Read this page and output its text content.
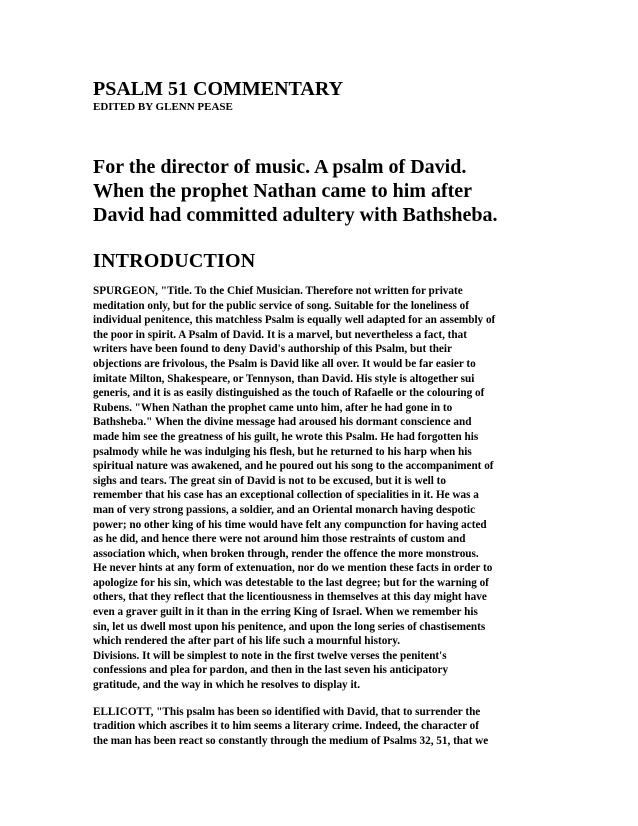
PSALM 51 COMMENTARY
EDITED BY GLENN PEASE
For the director of music. A psalm of David.
When the prophet Nathan came to him after
David had committed adultery with Bathsheba.
INTRODUCTION
SPURGEON, "Title. To the Chief Musician. Therefore not written for private
meditation only, but for the public service of song. Suitable for the loneliness of
individual penitence, this matchless Psalm is equally well adapted for an assembly of
the poor in spirit. A Psalm of David. It is a marvel, but nevertheless a fact, that
writers have been found to deny David's authorship of this Psalm, but their
objections are frivolous, the Psalm is David like all over. It would be far easier to
imitate Milton, Shakespeare, or Tennyson, than David. His style is altogether sui
generis, and it is as easily distinguished as the touch of Rafaelle or the colouring of
Rubens. "When Nathan the prophet came unto him, after he had gone in to
Bathsheba." When the divine message had aroused his dormant conscience and
made him see the greatness of his guilt, he wrote this Psalm. He had forgotten his
psalmody while he was indulging his flesh, but he returned to his harp when his
spiritual nature was awakened, and he poured out his song to the accompaniment of
sighs and tears. The great sin of David is not to be excused, but it is well to
remember that his case has an exceptional collection of specialities in it. He was a
man of very strong passions, a soldier, and an Oriental monarch having despotic
power; no other king of his time would have felt any compunction for having acted
as he did, and hence there were not around him those restraints of custom and
association which, when broken through, render the offence the more monstrous.
He never hints at any form of extenuation, nor do we mention these facts in order to
apologize for his sin, which was detestable to the last degree; but for the warning of
others, that they reflect that the licentiousness in themselves at this day might have
even a graver guilt in it than in the erring King of Israel. When we remember his
sin, let us dwell most upon his penitence, and upon the long series of chastisements
which rendered the after part of his life such a mournful history.
Divisions. It will be simplest to note in the first twelve verses the penitent's
confessions and plea for pardon, and then in the last seven his anticipatory
gratitude, and the way in which he resolves to display it.
ELLICOTT, "This psalm has been so identified with David, that to surrender the
tradition which ascribes it to him seems a literary crime. Indeed, the character of
the man has been react so constantly through the medium of Psalms 32, 51, that we
